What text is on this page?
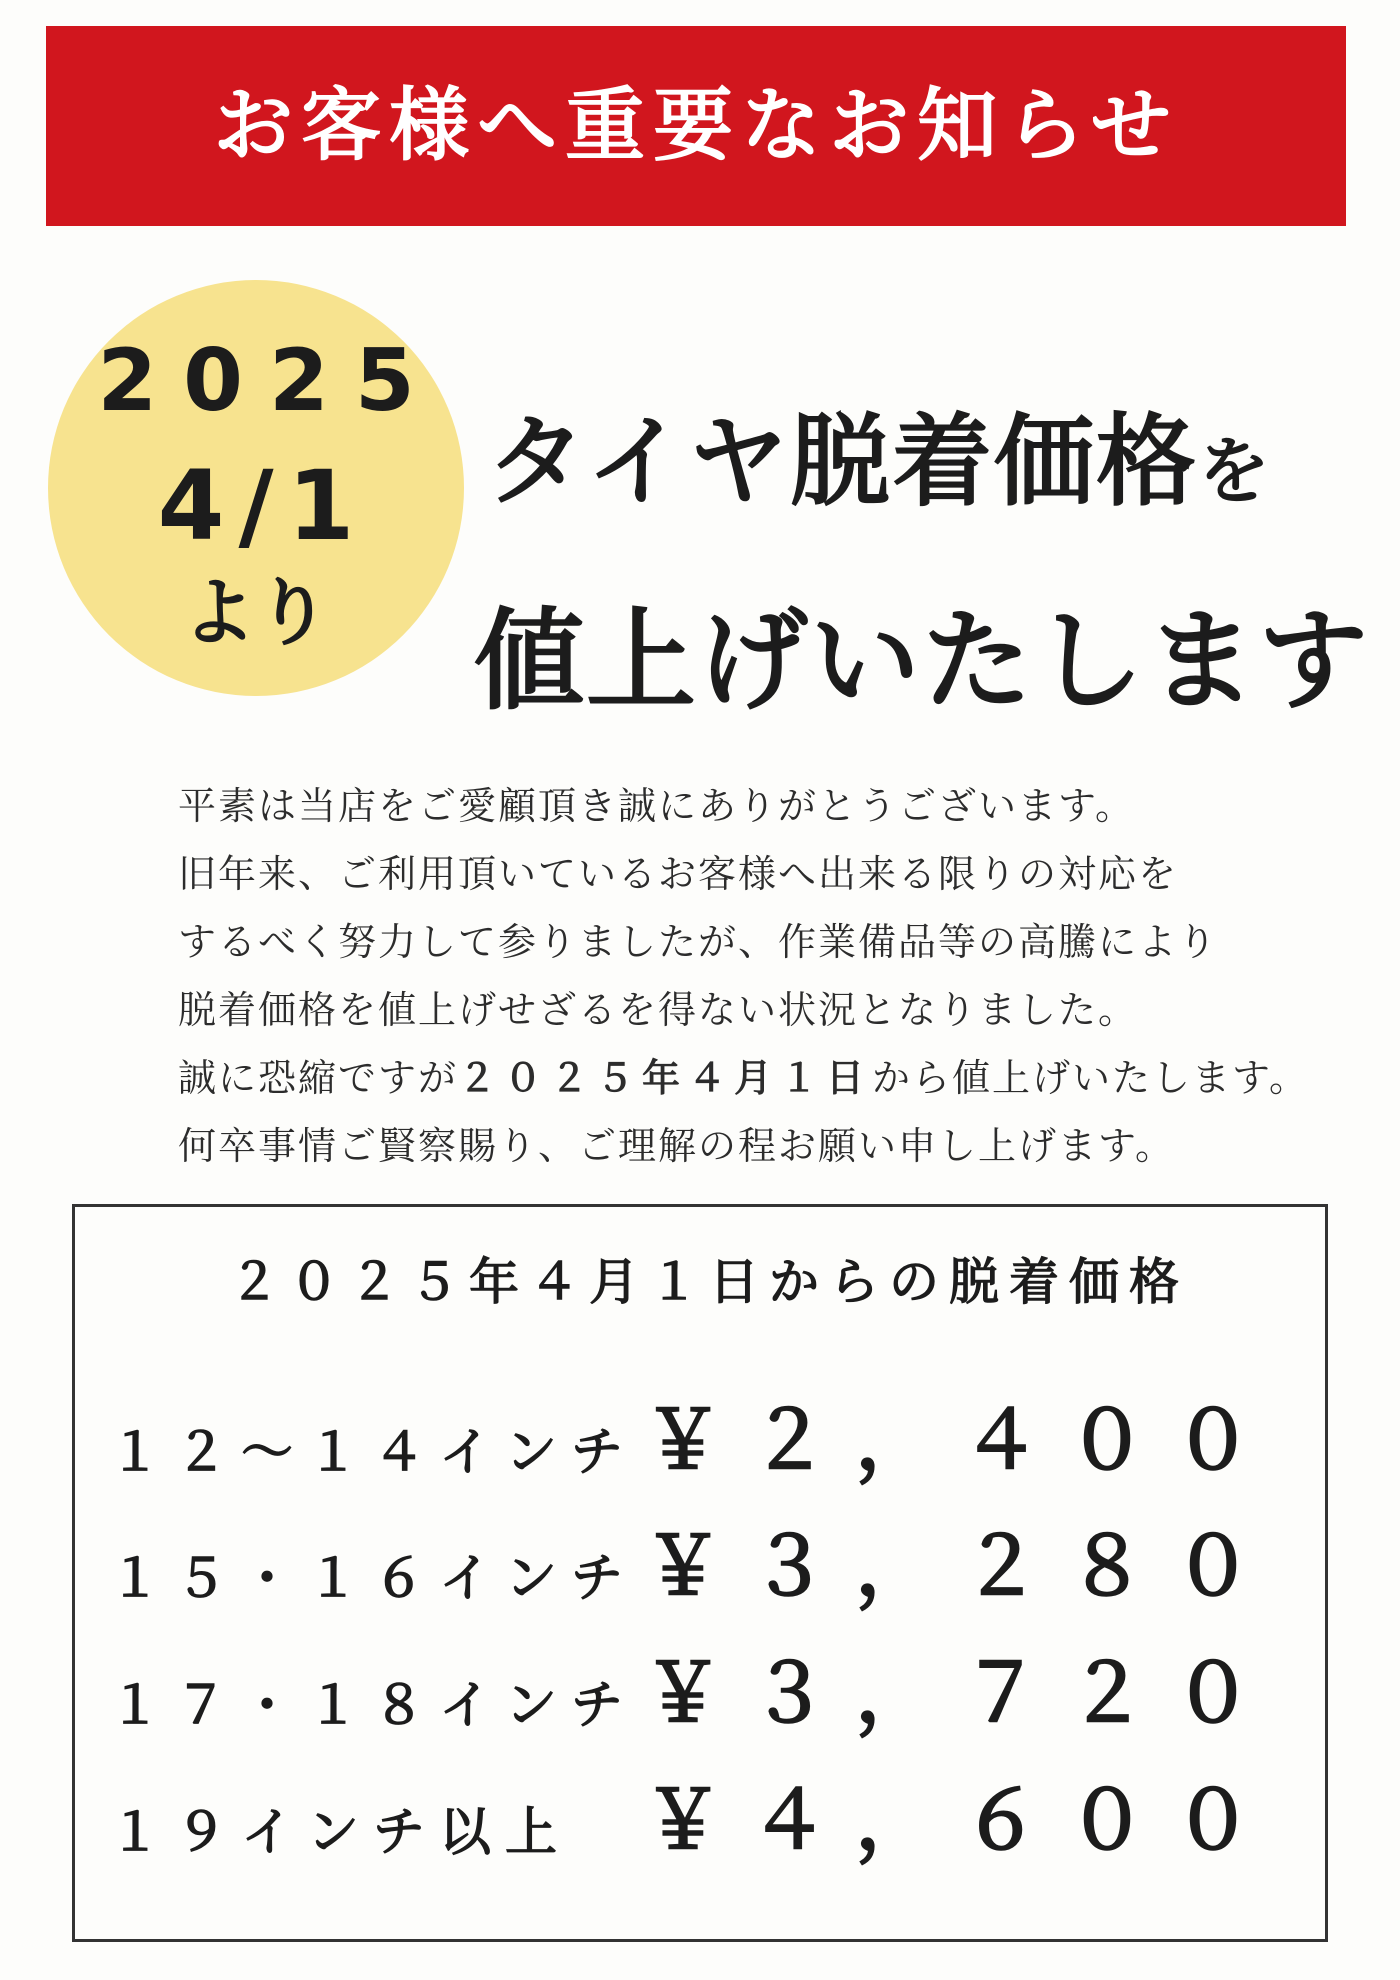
お客様へ重要なお知らせ
2025
4/1
より
タイヤ脱着価格を
値上げいたします
平素は当店をご愛顧頂き誠にありがとうございます。
旧年来、ご利用頂いているお客様へ出来る限りの対応を
するべく努力して参りましたが、作業備品等の高騰により
脱着価格を値上げせざるを得ない状況となりました。
誠に恐縮ですが２０２５年４月１日から値上げいたします。
何卒事情ご賢察賜り、ご理解の程お願い申し上げます。
２０２５年４月１日からの脱着価格
１２～１４インチ ￥２，４００
１５・１６インチ ￥３，２８０
１７・１８インチ ￥３，７２０
１９インチ以上 ￥４，６００
